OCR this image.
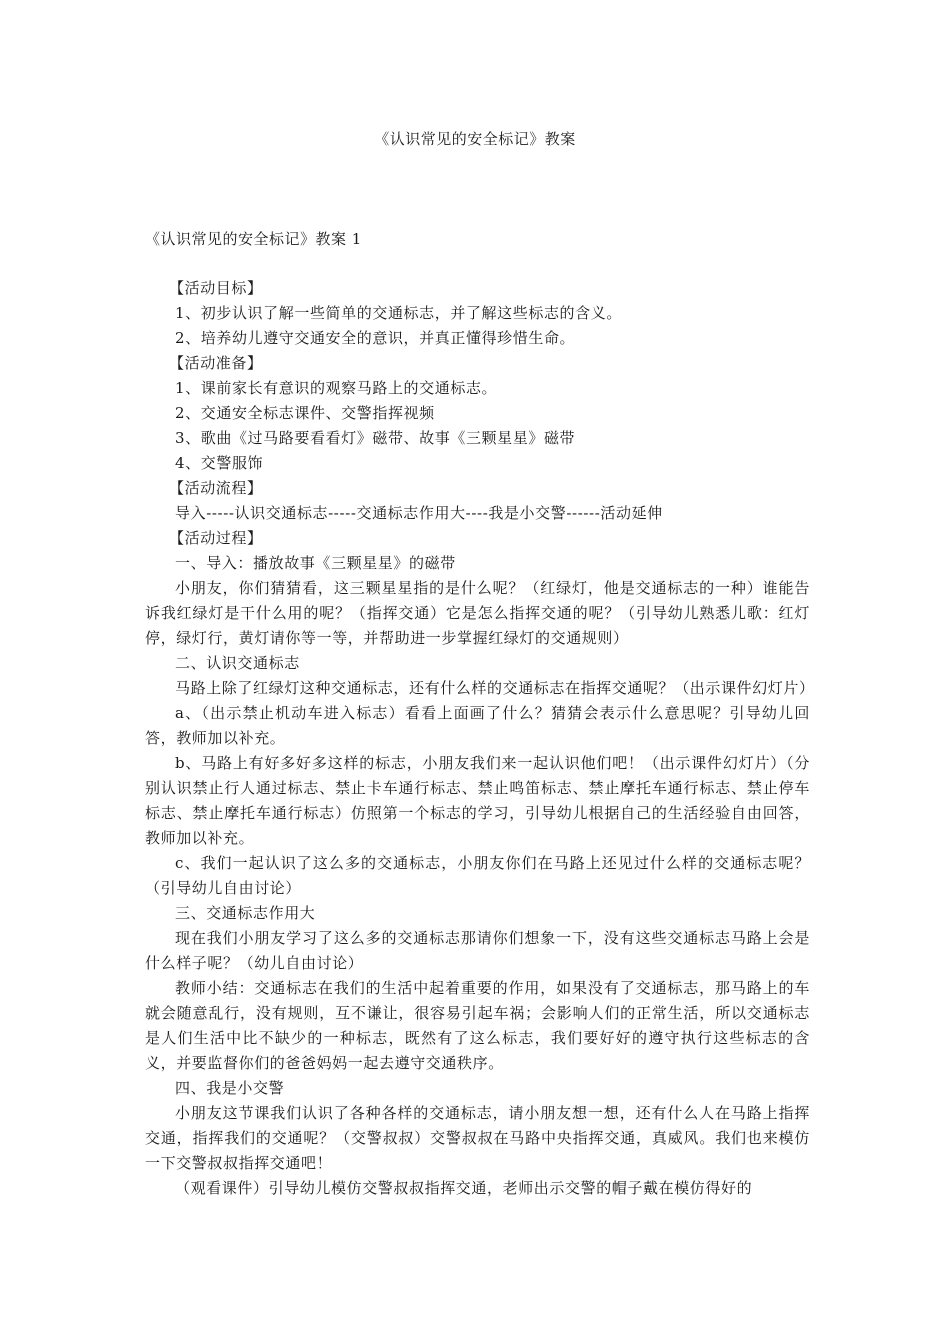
《认识常见的安全标记》教案
《认识常见的安全标记》教案 1

【活动目标】

1、初步认识了解一些简单的交通标志，并了解这些标志的含义。

2、培养幼儿遵守交通安全的意识，并真正懂得珍惜生命。

【活动准备】

1、课前家长有意识的观察马路上的交通标志。

2、交通安全标志课件、交警指挥视频

3、歌曲《过马路要看看灯》磁带、故事《三颗星星》磁带

4、交警服饰

【活动流程】

导入-----认识交通标志-----交通标志作用大----我是小交警------活动延伸

【活动过程】

一、导入：播放故事《三颗星星》的磁带

小朋友，你们猜猜看，这三颗星星指的是什么呢？（红绿灯，他是交通标志的一种）谁能告诉我红绿灯是干什么用的呢？（指挥交通）它是怎么指挥交通的呢？（引导幼儿熟悉儿歌：红灯停，绿灯行，黄灯请你等一等，并帮助进一步掌握红绿灯的交通规则）

二、认识交通标志

马路上除了红绿灯这种交通标志，还有什么样的交通标志在指挥交通呢？（出示课件幻灯片）

a、（出示禁止机动车进入标志）看看上面画了什么？猜猜会表示什么意思呢？引导幼儿回答，教师加以补充。

b、马路上有好多好多这样的标志，小朋友我们来一起认识他们吧！（出示课件幻灯片）（分别认识禁止行人通过标志、禁止卡车通行标志、禁止鸣笛标志、禁止摩托车通行标志、禁止停车标志、禁止摩托车通行标志）仿照第一个标志的学习，引导幼儿根据自己的生活经验自由回答，教师加以补充。

c、我们一起认识了这么多的交通标志，小朋友你们在马路上还见过什么样的交通标志呢？（引导幼儿自由讨论）

三、交通标志作用大

现在我们小朋友学习了这么多的交通标志那请你们想象一下，没有这些交通标志马路上会是什么样子呢？（幼儿自由讨论）

教师小结：交通标志在我们的生活中起着重要的作用，如果没有了交通标志，那马路上的车就会随意乱行，没有规则，互不谦让，很容易引起车祸；会影响人们的正常生活，所以交通标志是人们生活中比不缺少的一种标志，既然有了这么标志，我们要好好的遵守执行这些标志的含义，并要监督你们的爸爸妈妈一起去遵守交通秩序。

四、我是小交警

小朋友这节课我们认识了各种各样的交通标志，请小朋友想一想，还有什么人在马路上指挥交通，指挥我们的交通呢？（交警叔叔）交警叔叔在马路中央指挥交通，真威风。我们也来模仿一下交警叔叔指挥交通吧！

（观看课件）引导幼儿模仿交警叔叔指挥交通，老师出示交警的帽子戴在模仿得好的
